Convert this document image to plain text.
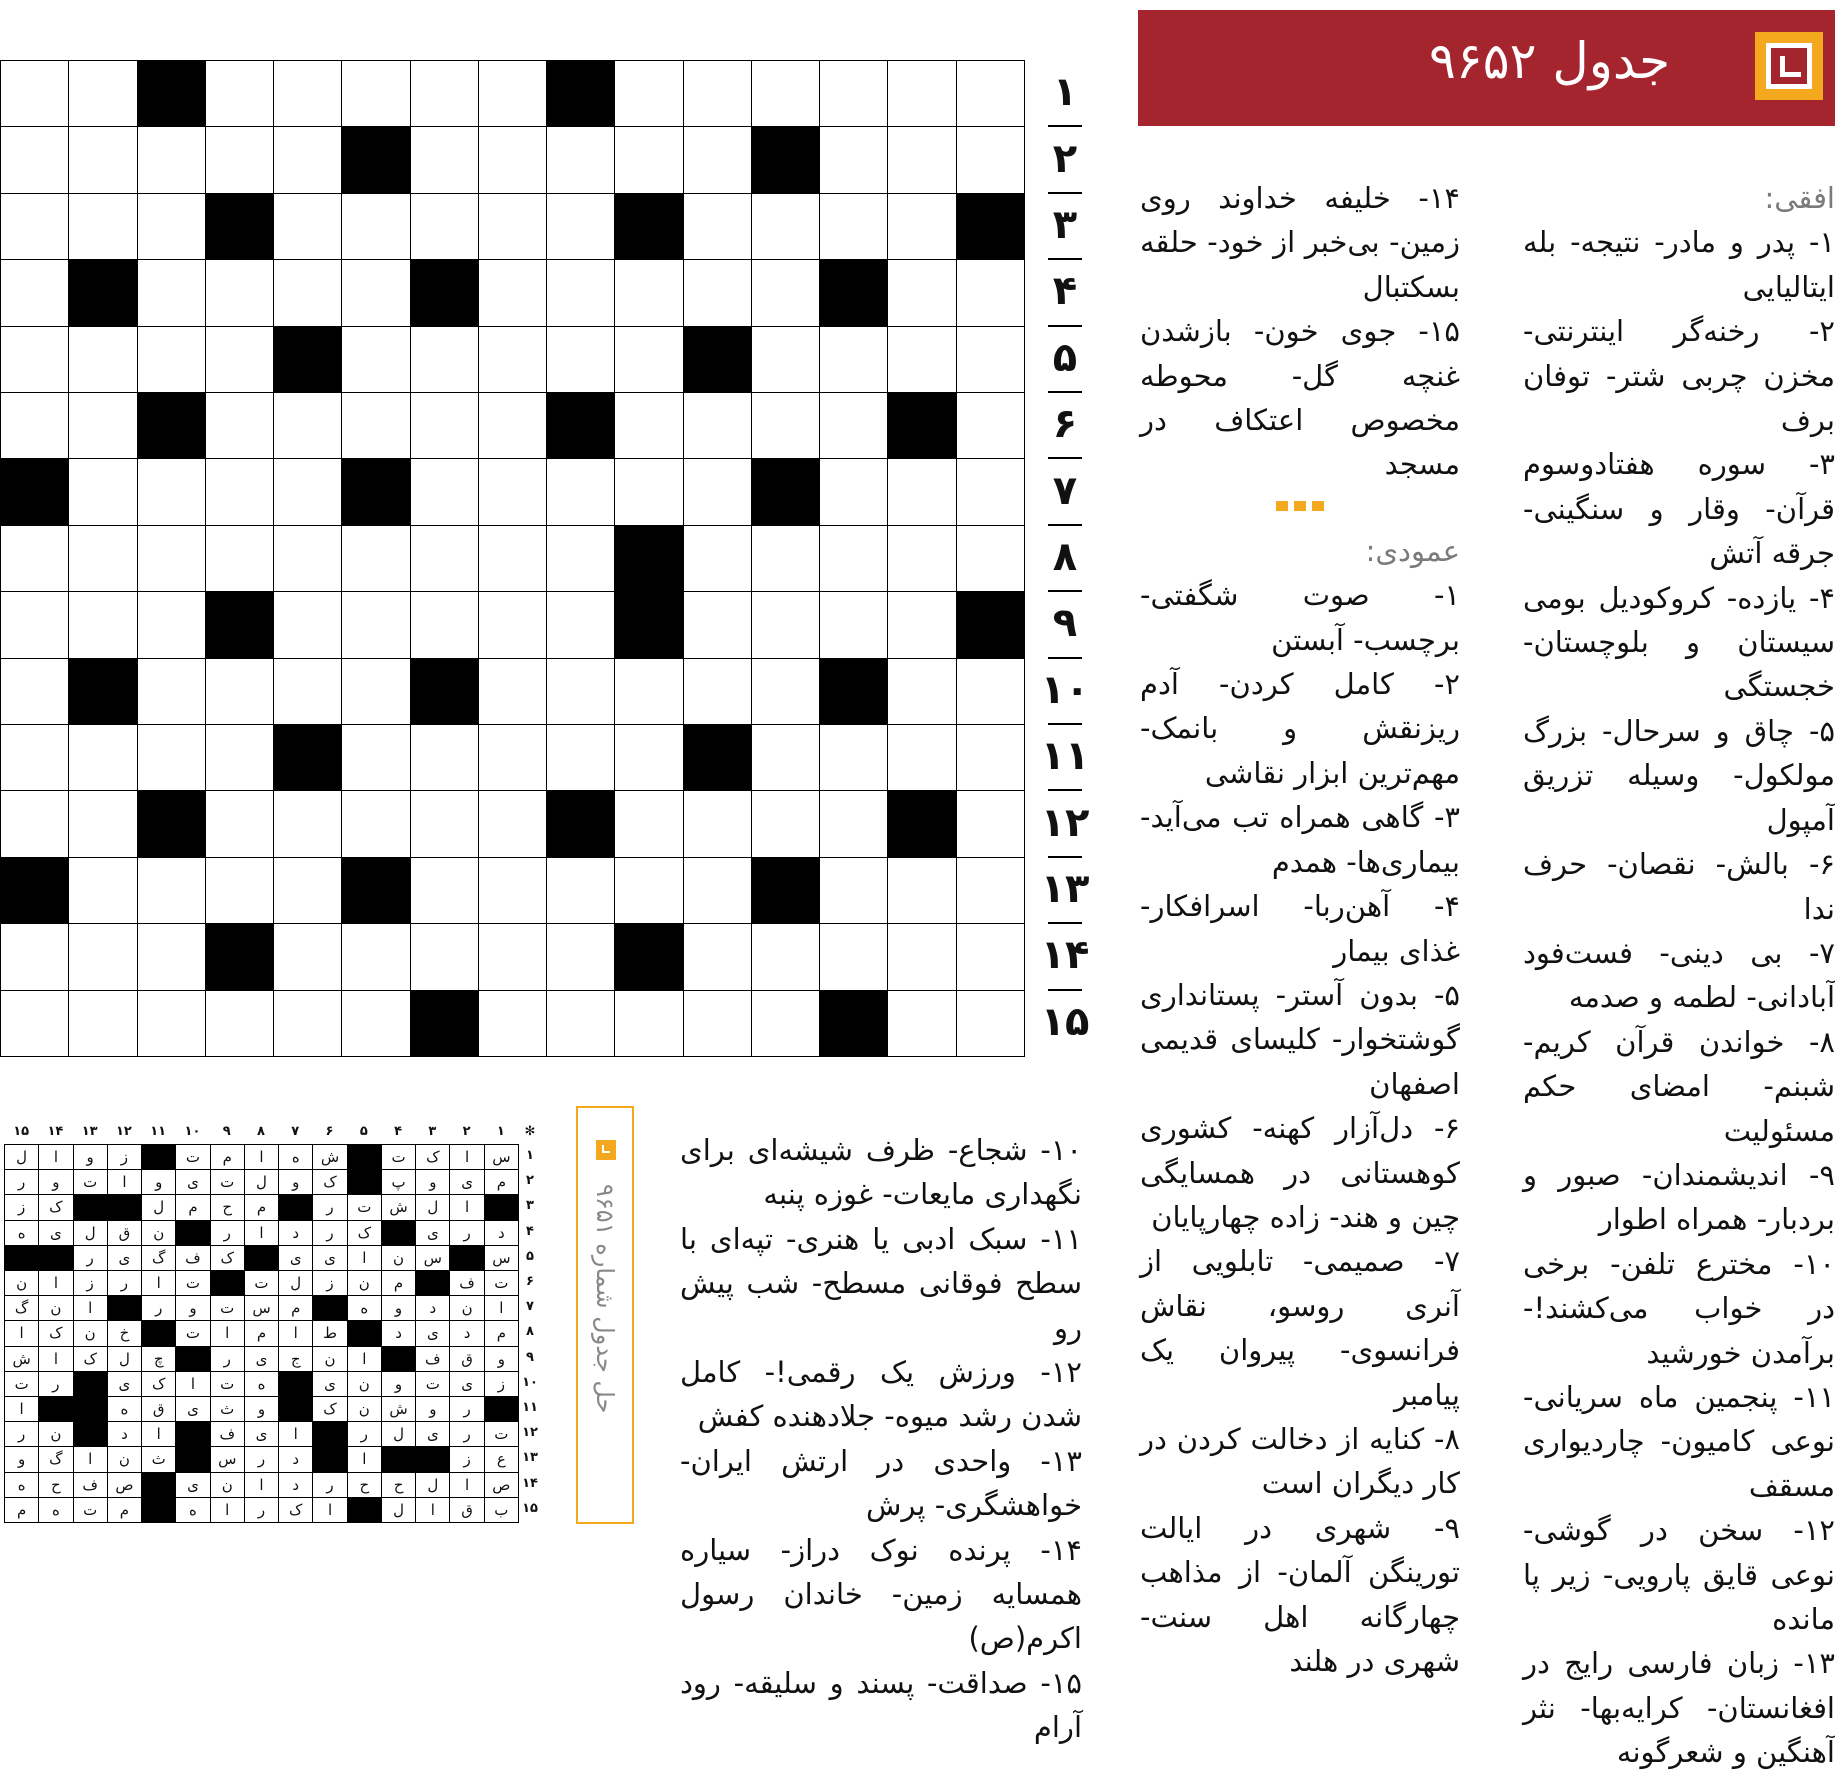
جدول ۹۶۵۲

افقی:

۱- پدر و مادر- نتیجه- بله ایتالیایی

۲- رخنه‌گر اینترنتی- مخزن چربی شتر- توفان برف

۳- سوره هفتادوسوم قرآن- وقار و سنگینی- جرقه آتش

۴- یازده- کروکودیل بومی سیستان و بلوچستان- خجستگی

۵- چاق و سرحال- بزرگ مولکول- وسیله تزریق آمپول

۶- بالش- نقصان- حرف ندا

۷- بی دینی- فست‌فود آبادانی- لطمه و صدمه

۸- خواندن قرآن کریم- شبنم- امضای حکم مسئولیت

۹- اندیشمندان- صبور و بردبار- همراه اطوار

۱۰- مخترع تلفن- برخی در خواب می‌کشند!- برآمدن خورشید

۱۱- پنجمین ماه سریانی- نوعی کامیون- چاردیواری مسقف

۱۲- سخن در گوشی- نوعی قایق پارویی- زیر پا مانده

۱۳- زبان فارسی رایج در افغانستان- کرایه‌بها- نثر آهنگین و شعرگونه

۱۴- خلیفه خداوند روی زمین- بی‌خبر از خود- حلقه بسکتبال

۱۵- جوی خون- بازشدن غنچه گل- محوطه مخصوص اعتکاف در مسجد

عمودی:

۱- صوت شگفتی- برچسب- آبستن

۲- کامل کردن- آدم ریزنقش و بانمک- مهم‌ترین ابزار نقاشی

۳- گاهی همراه تب می‌آید- بیماری‌ها- همدم

۴- آهن‌ربا- اسرافکار- غذای بیمار

۵- بدون آستر- پستانداری گوشتخوار- کلیسای قدیمی اصفهان

۶- دل‌آزار کهنه- کشوری کوهستانی در همسایگی چین و هند- زاده چهارپایان

۷- صمیمی- تابلویی از آنری روسو، نقاش فرانسوی- پیروان یک پیامبر

۸- کنایه از دخالت کردن در کار دیگران است

۹- شهری در ایالت تورینگن آلمان- از مذاهب چهارگانه اهل سنت- شهری در هلند

۱۰- شجاع- ظرف شیشه‌ای برای نگهداری مایعات- غوزه پنبه

۱۱- سبک ادبی یا هنری- تپه‌ای با سطح فوقانی مسطح- شب پیش رو

۱۲- ورزش یک رقمی!- کامل شدن رشد میوه- جلادهنده کفش

۱۳- واحدی در ارتش ایران- خواهشگری- پرش

۱۴- پرنده نوک دراز- سیاره همسایه زمین- خاندان رسول اکرم(ص)

۱۵- صداقت- پسند و سلیقه- رود آرام

۱
۲
۳
۴
۵
۶
۷
۸
۹
۱۰
۱۱
۱۲
۱۳
۱۴
۱۵
حل جدول شماره ۹۶۵۱
✻
۱
۲
۳
۴
۵
۶
۷
۸
۹
۱۰
۱۱
۱۲
۱۳
۱۴
۱۵
۱
س
ا
ک
ت
ش
ه
ا
م
ت
ز
و
ا
ل
۲
م
ی
و
پ
ک
و
ل
ت
ی
و
ا
ت
و
ر
۳
ا
ل
ش
ت
ر
م
ح
م
ل
ک
ز
۴
د
ر
ی
ک
ر
د
ا
ر
ن
ق
ل
ی
ه
۵
س
س
ن
ا
ی
ی
ک
ف
گ
ی
ر
۶
ت
ف
م
ن
ز
ل
ت
ت
ا
ر
ز
ا
ن
۷
ا
ن
د
و
ه
م
س
ت
و
ر
ا
ن
گ
۸
م
د
ی
د
ط
ا
م
ا
ت
خ
ن
ک
ا
۹
و
ق
ف
ا
ن
ج
ی
ر
چ
ل
ک
ا
ش
۱۰
ز
ی
ت
و
ن
ی
ه
ت
ا
ک
ی
ر
ت
۱۱
ر
و
ش
ن
ک
و
ث
ی
ق
ه
ا
۱۲
ت
ر
ی
ل
ر
ا
ی
ف
ا
د
ن
ر
۱۳
ع
ز
ا
د
ر
س
ث
ن
ا
گ
و
۱۴
ص
ا
ل
ح
ح
ر
د
ا
ن
ی
ص
ف
ح
ه
۱۵
ب
ق
ا
ل
ا
ک
ر
ا
ه
م
ت
ه
م
